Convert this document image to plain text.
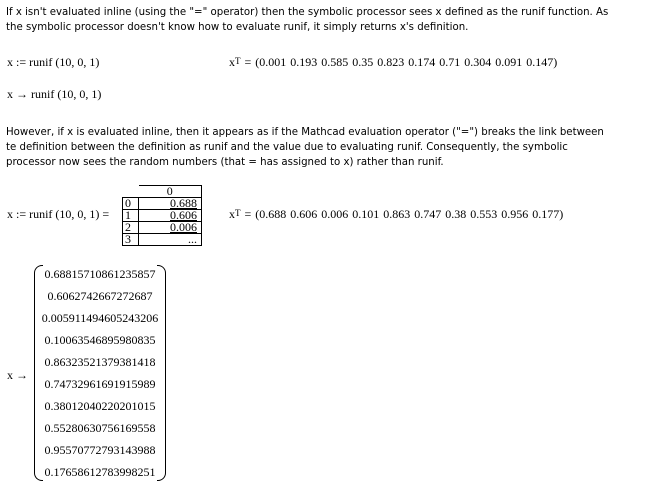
If x isn't evaluated inline (using the "=" operator) then the symbolic processor sees x defined as the runif function. As
the symbolic processor doesn't know how to evaluate runif, it simply returns x's definition.
x := runif (10, 0, 1)	$x^T = (0.001$ 0.193 0.585 0.35 0.823 0.174 0.71 0.304 0.091 0.147)
x → runif (10, 0, 1)
However, if x is evaluated inline, then it appears as if the Mathcad evaluation operator ("=") breaks the link between
te definition between the definition as runif and the value due to evaluating runif. Consequently, the symbolic
processor now sees the random numbers (that = has assigned to x) rather than runif.
x := runif (10, 0, 1) =
	0
0	0.688
1	0.606
2	0.006
3	...
$x^T = (0.688$ 0.606 0.006 0.101 0.863 0.747 0.38 0.553 0.956 0.177)
x →
0.68815710861235857
0.6062742667272687
0.005911494605243206
0.10063546895980835
0.86323521379381418
0.74732961691915989
0.38012040220201015
0.55280630756169558
0.95570772793143988
0.17658612783998251
